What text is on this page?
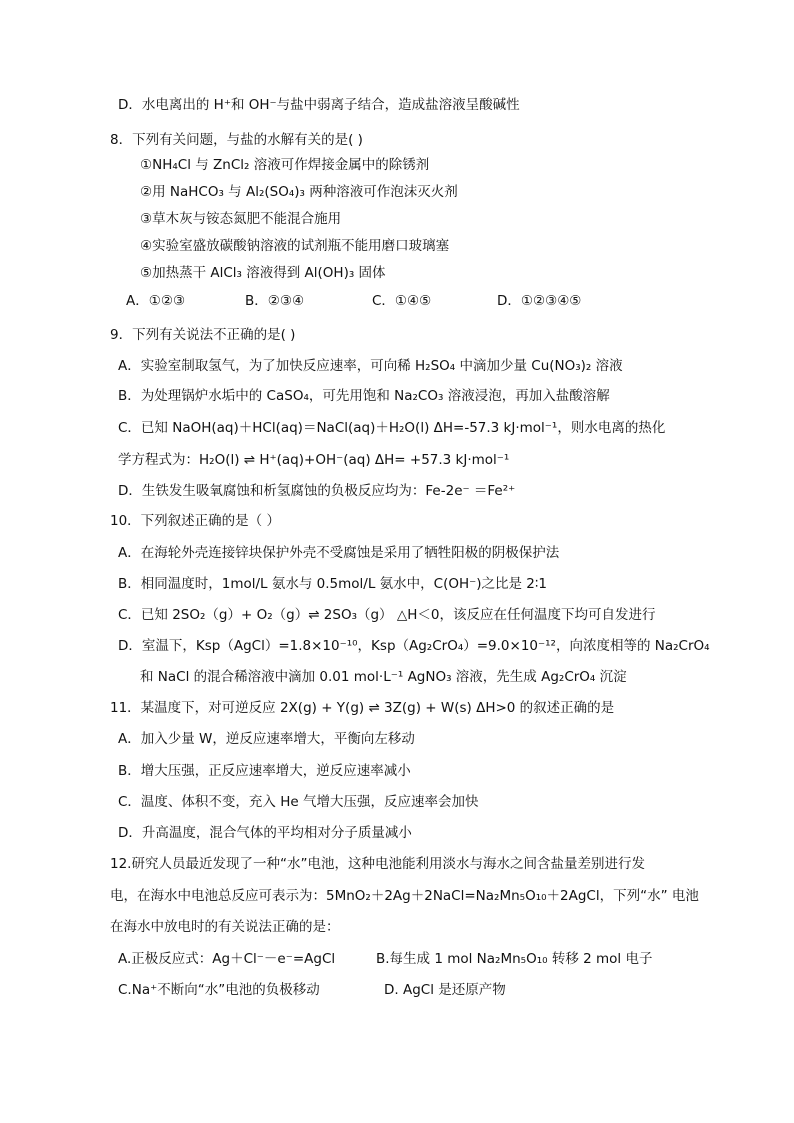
D．水电离出的 H⁺和 OH⁻与盐中弱离子结合，造成盐溶液呈酸碱性
8．下列有关问题，与盐的水解有关的是( )
①NH₄Cl 与 ZnCl₂ 溶液可作焊接金属中的除锈剂
②用 NaHCO₃ 与 Al₂(SO₄)₃ 两种溶液可作泡沫灭火剂
③草木灰与铵态氮肥不能混合施用
④实验室盛放碳酸钠溶液的试剂瓶不能用磨口玻璃塞
⑤加热蒸干 AlCl₃ 溶液得到 Al(OH)₃ 固体
A．①②③	B．②③④	C．①④⑤	D．①②③④⑤
9．下列有关说法不正确的是( )
A．实验室制取氢气，为了加快反应速率，可向稀 H₂SO₄ 中滴加少量 Cu(NO₃)₂ 溶液
B．为处理锅炉水垢中的 CaSO₄，可先用饱和 Na₂CO₃ 溶液浸泡，再加入盐酸溶解
C．已知 NaOH(aq)＋HCl(aq)＝NaCl(aq)＋H₂O(l) ΔH=-57.3 kJ·mol⁻¹，则水电离的热化
学方程式为：H₂O(l) ⇌ H⁺(aq)+OH⁻(aq) ΔH= +57.3 kJ·mol⁻¹
D．生铁发生吸氧腐蚀和析氢腐蚀的负极反应均为：Fe-2e⁻ ＝Fe²⁺
10．下列叙述正确的是（ ）
A．在海轮外壳连接锌块保护外壳不受腐蚀是采用了牺牲阳极的阴极保护法
B．相同温度时，1mol/L 氨水与 0.5mol/L 氨水中，C(OH⁻)之比是 2∶1
C．已知 2SO₂（g）+ O₂（g）⇌ 2SO₃（g） △H＜0，该反应在任何温度下均可自发进行
D．室温下，Ksp（AgCl）=1.8×10⁻¹⁰，Ksp（Ag₂CrO₄）=9.0×10⁻¹²，向浓度相等的 Na₂CrO₄
和 NaCl 的混合稀溶液中滴加 0.01 mol·L⁻¹ AgNO₃ 溶液，先生成 Ag₂CrO₄ 沉淀
11．某温度下，对可逆反应 2X(g) + Y(g) ⇌ 3Z(g) + W(s) ΔH>0 的叙述正确的是
A．加入少量 W，逆反应速率增大，平衡向左移动
B．增大压强，正反应速率增大，逆反应速率减小
C．温度、体积不变，充入 He 气增大压强，反应速率会加快
D．升高温度，混合气体的平均相对分子质量减小
12.研究人员最近发现了一种“水”电池，这种电池能利用淡水与海水之间含盐量差别进行发
电，在海水中电池总反应可表示为：5MnO₂＋2Ag＋2NaCl=Na₂Mn₅O₁₀＋2AgCl，下列“水” 电池
在海水中放电时的有关说法正确的是：
A.正极反应式：Ag＋Cl⁻－e⁻=AgCl	B.每生成 1 mol Na₂Mn₅O₁₀ 转移 2 mol 电子
C.Na⁺不断向“水”电池的负极移动	D. AgCl 是还原产物
